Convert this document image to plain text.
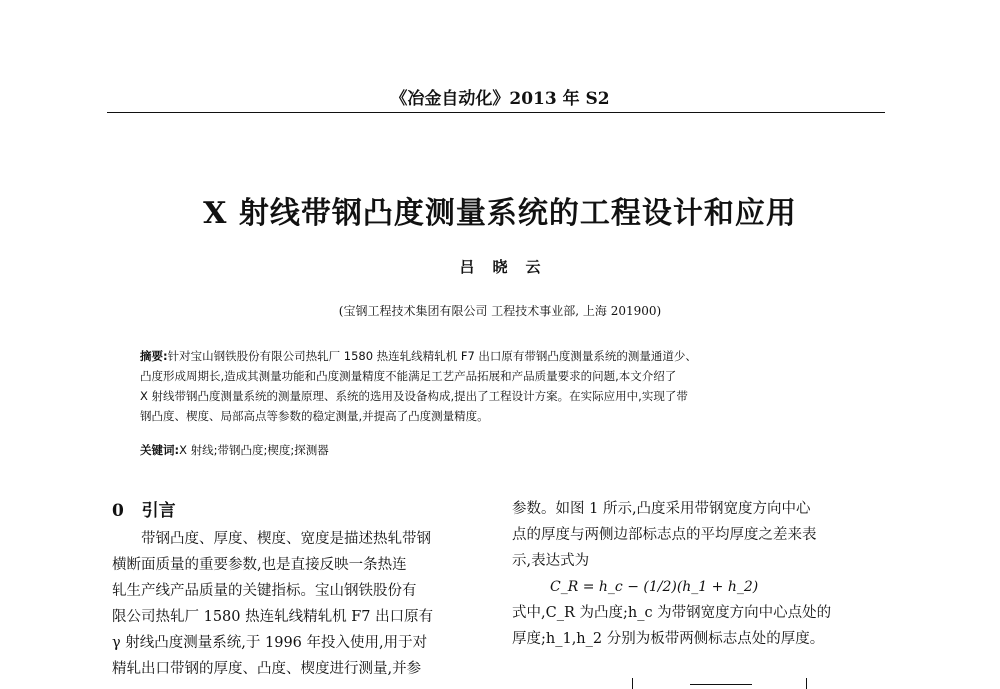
《冶金自动化》2013 年 S2
X 射线带钢凸度测量系统的工程设计和应用
吕晓云
(宝钢工程技术集团有限公司 工程技术事业部, 上海 201900)
摘要:针对宝山钢铁股份有限公司热轧厂 1580 热连轧线精轧机 F7 出口原有带钢凸度测量系统的测量通道少、
凸度形成周期长,造成其测量功能和凸度测量精度不能满足工艺产品拓展和产品质量要求的问题,本文介绍了
X 射线带钢凸度测量系统的测量原理、系统的选用及设备构成,提出了工程设计方案。在实际应用中,实现了带
钢凸度、楔度、局部高点等参数的稳定测量,并提高了凸度测量精度。
关键词:X 射线;带钢凸度;楔度;探测器
0 引言
带钢凸度、厚度、楔度、宽度是描述热轧带钢
横断面质量的重要参数,也是直接反映一条热连
轧生产线产品质量的关键指标。宝山钢铁股份有
限公司热轧厂 1580 热连轧线精轧机 F7 出口原有
γ 射线凸度测量系统,于 1996 年投入使用,用于对
精轧出口带钢的厚度、凸度、楔度进行测量,并参
参数。如图 1 所示,凸度采用带钢宽度方向中心
点的厚度与两侧边部标志点的平均厚度之差来表
示,表达式为
C_R = h_c − (1/2)(h_1 + h_2)
式中,C_R 为凸度;h_c 为带钢宽度方向中心点处的
厚度;h_1,h_2 分别为板带两侧标志点处的厚度。
